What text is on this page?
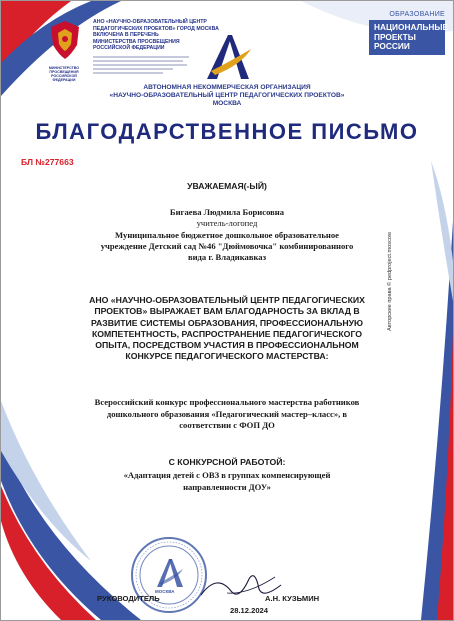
МИНИСТЕРСТВО ПРОСВЕЩЕНИЯ РОССИЙСКОЙ ФЕДЕРАЦИИ
АНО «НАУЧНО-ОБРАЗОВАТЕЛЬНЫЙ ЦЕНТР
ПЕДАГОГИЧЕСКИХ ПРОЕКТОВ» ГОРОД МОСКВА
ВКЛЮЧЕНА В ПЕРЕЧЕНЬ
МИНИСТЕРСТВА ПРОСВЕЩЕНИЯ
РОССИЙСКОЙ ФЕДЕРАЦИИ
ОБРАЗОВАНИЕ
НАЦИОНАЛЬНЫЕ
ПРОЕКТЫ
РОССИИ
АВТОНОМНАЯ НЕКОММЕРЧЕСКАЯ ОРГАНИЗАЦИЯ
«НАУЧНО-ОБРАЗОВАТЕЛЬНЫЙ ЦЕНТР ПЕДАГОГИЧЕСКИХ ПРОЕКТОВ»
МОСКВА
БЛАГОДАРСТВЕННОЕ ПИСЬМО
БЛ №277663
УВАЖАЕМАЯ(-ЫЙ)
Бигаева Людмила Борисовна
учитель-логопед
Муниципальное бюджетное дошкольное образовательное
учреждение Детский сад №46 "Дюймовочка" комбинированного
вида г. Владикавказ
АНО «НАУЧНО-ОБРАЗОВАТЕЛЬНЫЙ ЦЕНТР ПЕДАГОГИЧЕСКИХ
ПРОЕКТОВ» ВЫРАЖАЕТ ВАМ БЛАГОДАРНОСТЬ ЗА ВКЛАД В
РАЗВИТИЕ СИСТЕМЫ ОБРАЗОВАНИЯ, ПРОФЕССИОНАЛЬНУЮ
КОМПЕТЕНТНОСТЬ, РАСПРОСТРАНЕНИЕ ПЕДАГОГИЧЕСКОГО
ОПЫТА, ПОСРЕДСТВОМ УЧАСТИЯ В ПРОФЕССИОНАЛЬНОМ
КОНКУРСЕ ПЕДАГОГИЧЕСКОГО МАСТЕРСТВА:
Всероссийский конкурс профессионального мастерства работников
дошкольного образования «Педагогический мастер–класс», в
соответствии с ФОП ДО
С КОНКУРСНОЙ РАБОТОЙ:
«Адаптация детей с ОВЗ в группах компенсирующей
направленности ДОУ»
Авторские права © pedproject.moscow
МОСКВА
РУКОВОДИТЕЛЬ	А.Н. КУЗЬМИН
28.12.2024
